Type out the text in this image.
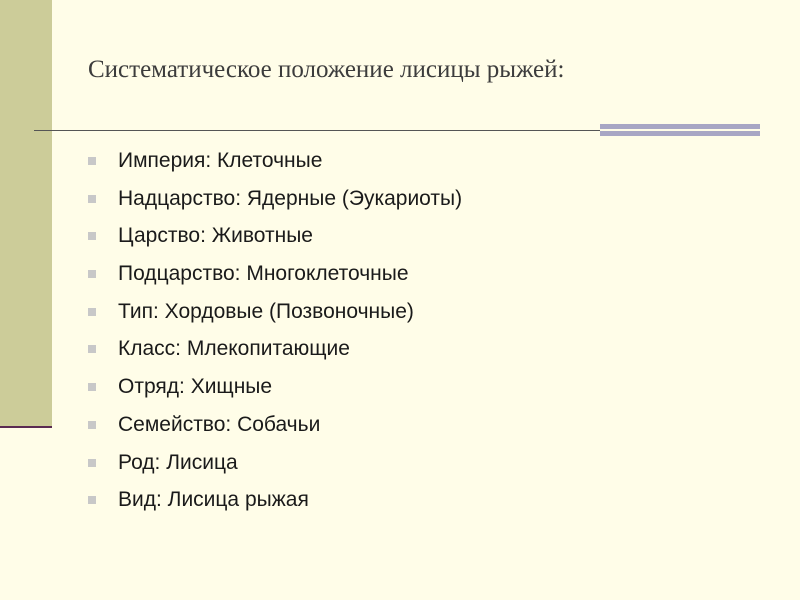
Систематическое положение лисицы рыжей:
Империя: Клеточные
Надцарство: Ядерные (Эукариоты)
Царство: Животные
Подцарство: Многоклеточные
Тип: Хордовые (Позвоночные)
Класс: Млекопитающие
Отряд: Хищные
Семейство: Собачьи
Род: Лисица
Вид: Лисица рыжая
